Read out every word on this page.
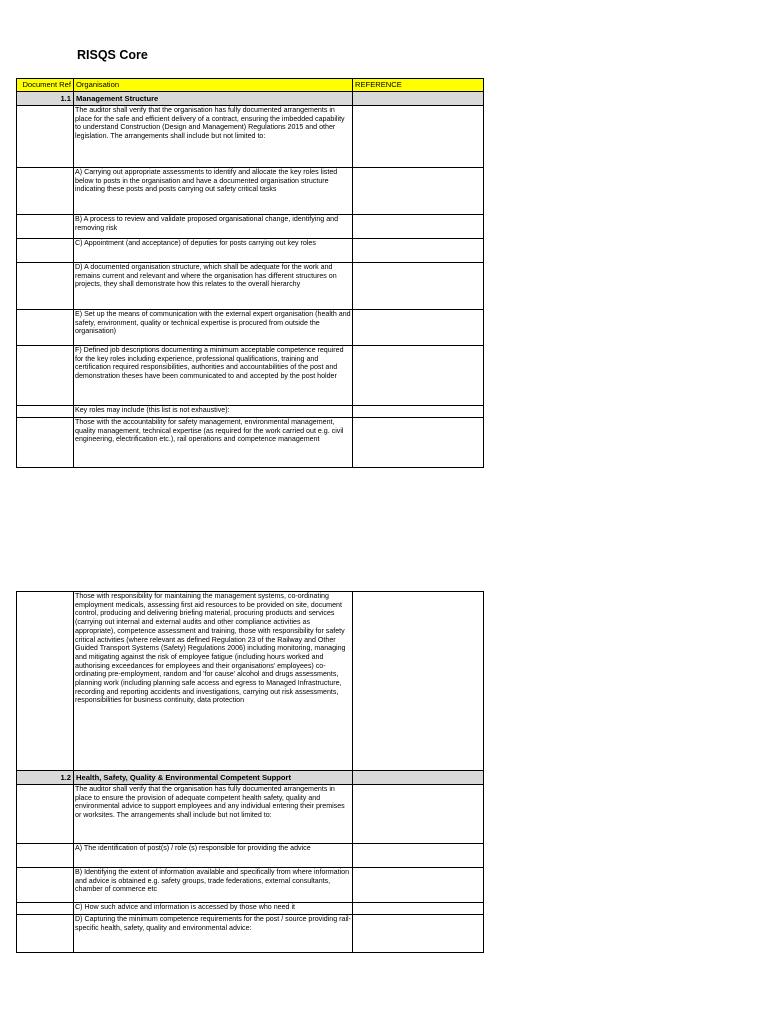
RISQS Core
Document Ref	Organisation	REFERENCE
1.1	Management Structure	
	The auditor shall verify that the organisation has fully documented arrangements in place for the safe and efficient delivery of a contract, ensuring the imbedded capability to understand Construction (Design and Management) Regulations 2015 and other legislation. The arrangements shall include but not limited to:	
	A) Carrying out appropriate assessments to identify and allocate the key roles listed below to posts in the organisation and have a documented organisation structure indicating these posts and posts carrying out safety critical tasks	
	B) A process to review and validate proposed organisational change, identifying and removing risk	
	C) Appointment (and acceptance) of deputies for posts carrying out key roles	
	D) A documented organisation structure, which shall be adequate for the work and remains current and relevant and where the organisation has different structures on projects, they shall demonstrate how this relates to the overall hierarchy	
	E) Set up the means of communication with the external expert organisation (health and safety, environment, quality or technical expertise is procured from outside the organisation)	
	F) Defined job descriptions documenting a minimum acceptable competence required for the key roles including experience, professional qualifications, training and certification required responsibilities, authorities and accountabilities of the post and demonstration theses have been communicated to and accepted by the post holder	
	Key roles may include (this list is not exhaustive):	
	Those with the accountability for safety management, environmental management, quality management, technical expertise (as required for the work carried out e.g. civil engineering, electrification etc.), rail operations and competence management	
	Those with responsibility for maintaining the management systems, co-ordinating employment medicals, assessing first aid resources to be provided on site, document control, producing and delivering briefing material, procuring products and services (carrying out internal and external audits and other compliance activities as appropriate), competence assessment and training, those with responsibility for safety critical activities (where relevant as defined Regulation 23 of the Railway and Other Guided Transport Systems (Safety) Regulations 2006) including monitoring, managing and mitigating against the risk of employee fatigue (including hours worked and authorising exceedances for employees and their organisations' employees) co-ordinating pre-employment, random and 'for cause' alcohol and drugs assessments, planning work (including planning safe access and egress to Managed Infrastructure, recording and reporting accidents and investigations, carrying out risk assessments, responsibilities for business continuity, data protection	
1.2	Health, Safety, Quality & Environmental Competent Support	
	The auditor shall verify that the organisation has fully documented arrangements in place to ensure the provision of adequate competent health safety, quality and environmental advice to support employees and any individual entering their premises or worksites. The arrangements shall include but not limited to:	
	A) The identification of post(s) / role (s) responsible for providing the advice	
	B) Identifying the extent of information available and specifically from where information and advice is obtained e.g. safety groups, trade federations, external consultants, chamber of commerce etc	
	C) How such advice and information is accessed by those who need it	
	D) Capturing the minimum competence requirements for the post / source providing rail-specific health, safety, quality and environmental advice:	
